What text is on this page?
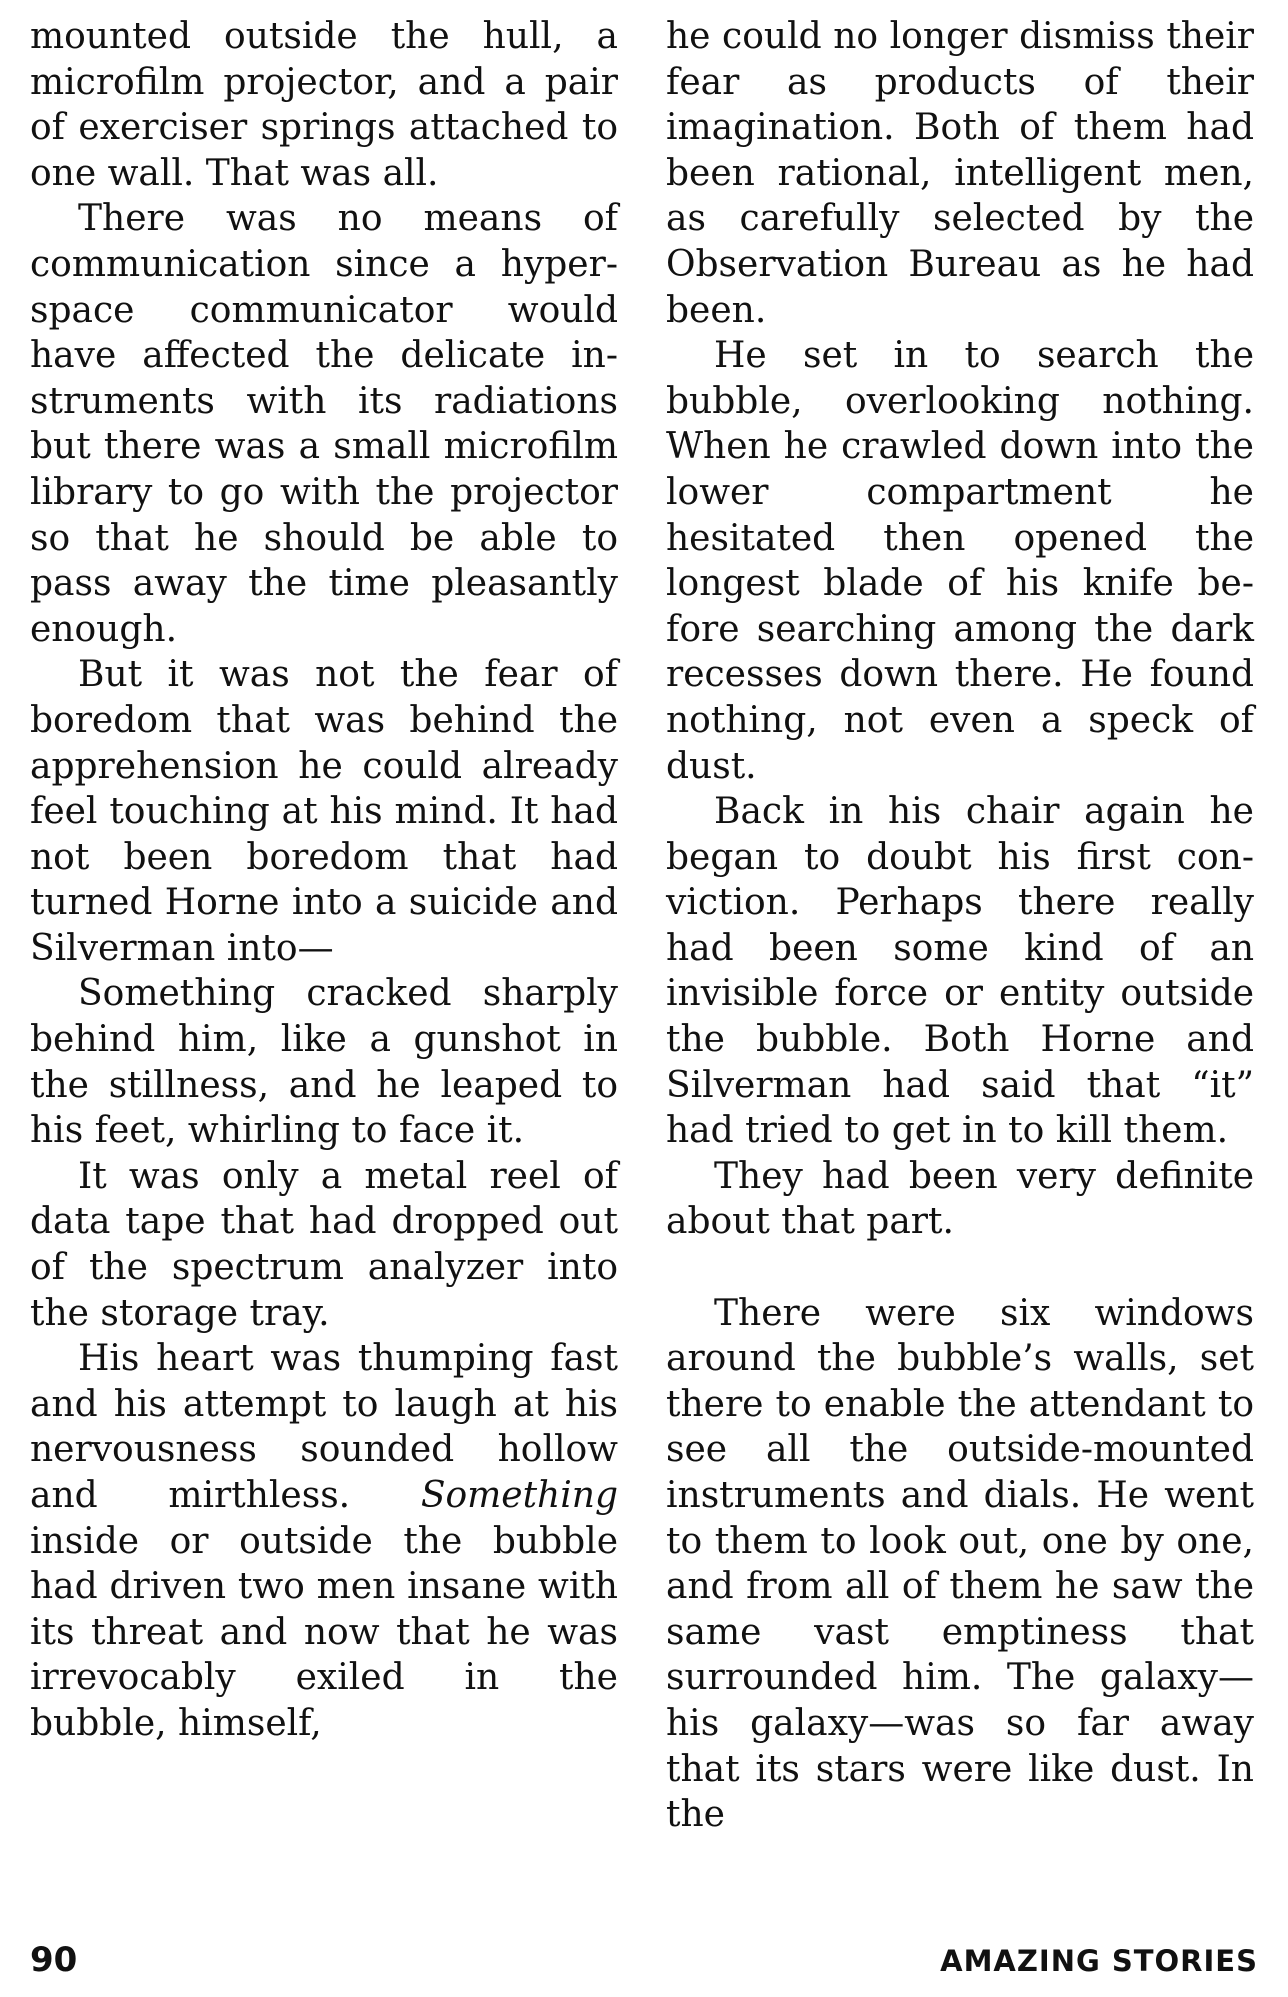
mounted outside the hull, a microfilm projector, and a pair of exerciser springs attached to one wall. That was all.

There was no means of communication since a hyperspace communicator would have affected the delicate instruments with its radiations but there was a small microfilm library to go with the projector so that he should be able to pass away the time pleasantly enough.

But it was not the fear of boredom that was behind the apprehension he could already feel touching at his mind. It had not been boredom that had turned Horne into a suicide and Silverman into—

Something cracked sharply behind him, like a gunshot in the stillness, and he leaped to his feet, whirling to face it.

It was only a metal reel of data tape that had dropped out of the spectrum analyzer into the storage tray.

His heart was thumping fast and his attempt to laugh at his nervousness sounded hollow and mirthless. Something inside or outside the bubble had driven two men insane with its threat and now that he was irrevocably exiled in the bubble, himself,

he could no longer dismiss their fear as products of their imagination. Both of them had been rational, intelligent men, as carefully selected by the Observation Bureau as he had been.

He set in to search the bubble, overlooking nothing. When he crawled down into the lower compartment he hesitated then opened the longest blade of his knife before searching among the dark recesses down there. He found nothing, not even a speck of dust.

Back in his chair again he began to doubt his first conviction. Perhaps there really had been some kind of an invisible force or entity outside the bubble. Both Horne and Silverman had said that “it” had tried to get in to kill them.

They had been very definite about that part.

There were six windows around the bubble’s walls, set there to enable the attendant to see all the outside-mounted instruments and dials. He went to them to look out, one by one, and from all of them he saw the same vast emptiness that surrounded him. The galaxy—his galaxy—was so far away that its stars were like dust. In the

90	AMAZING STORIES
